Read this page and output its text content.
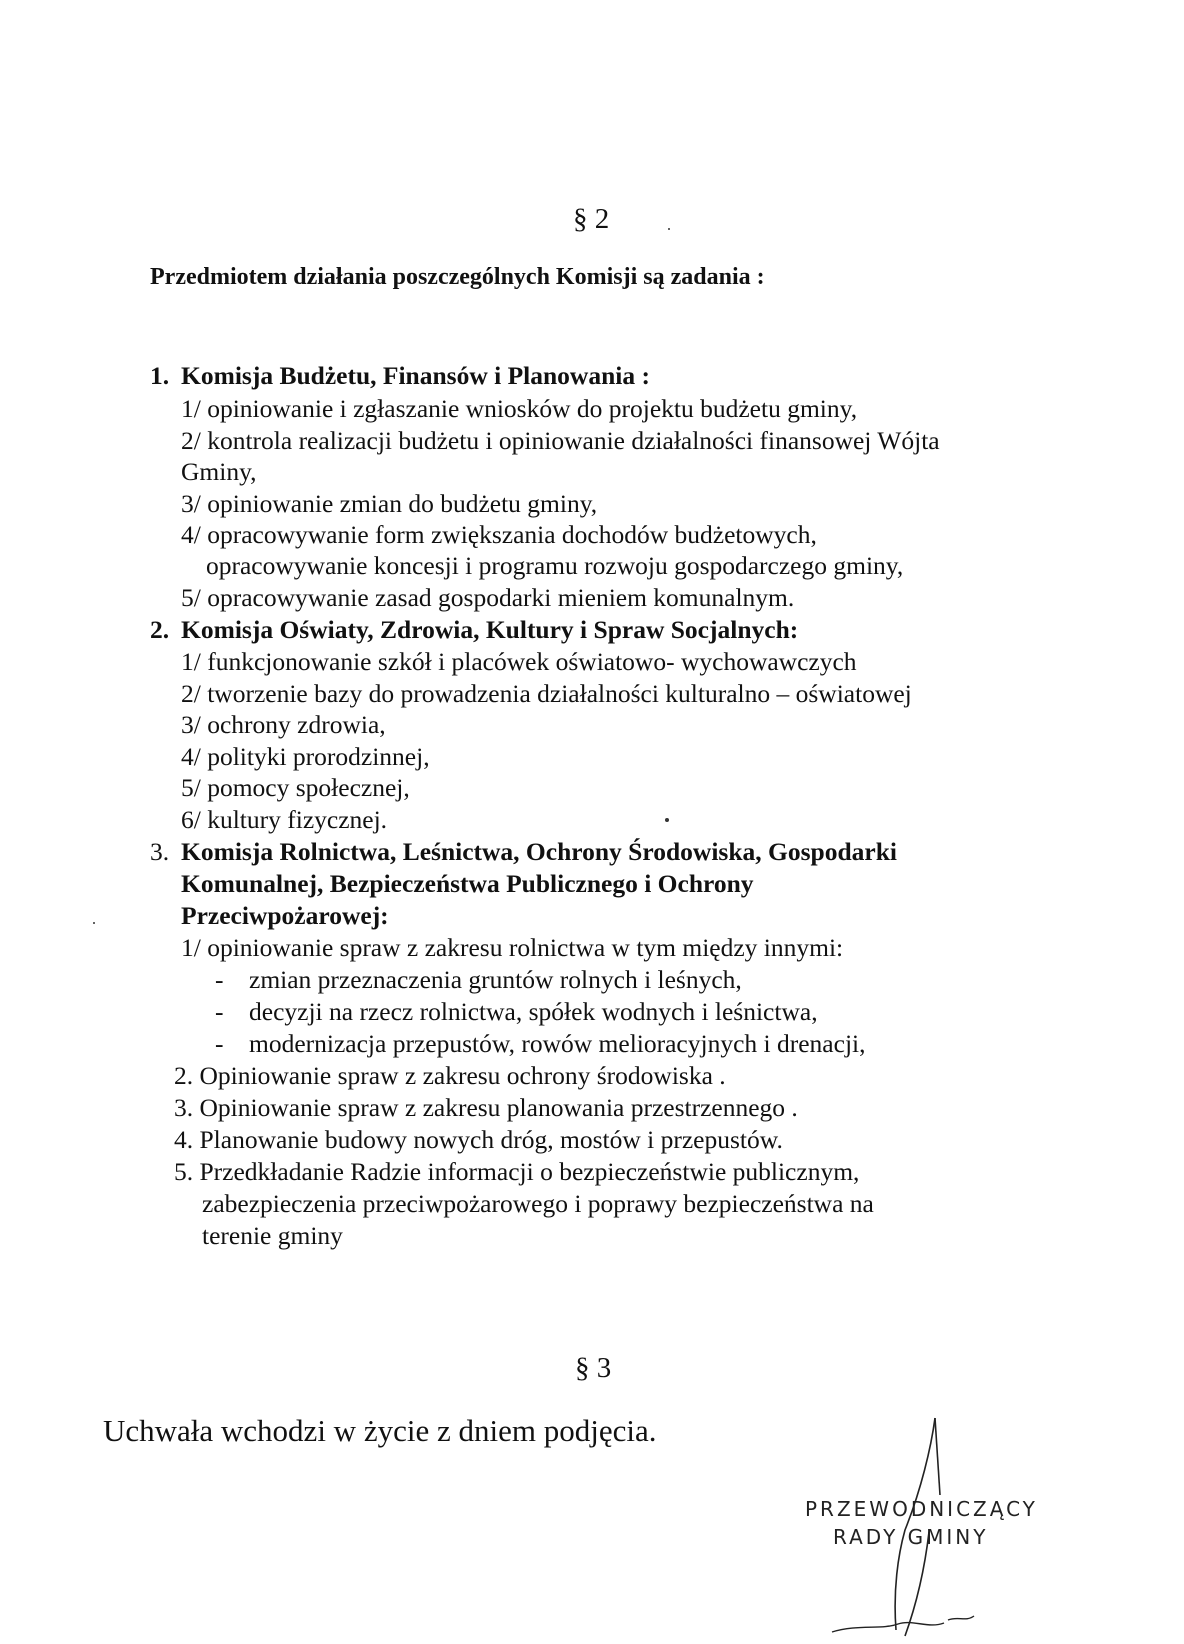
§ 2
Przedmiotem działania poszczególnych Komisji są zadania :
1. Komisja Budżetu, Finansów i Planowania :
1/ opiniowanie i zgłaszanie wniosków do projektu budżetu gminy,
2/ kontrola realizacji budżetu i opiniowanie działalności finansowej Wójta
Gminy,
3/ opiniowanie zmian do budżetu gminy,
4/ opracowywanie form zwiększania dochodów budżetowych,
opracowywanie koncesji i programu rozwoju gospodarczego gminy,
5/ opracowywanie zasad gospodarki mieniem komunalnym.
2. Komisja Oświaty, Zdrowia, Kultury i Spraw Socjalnych:
1/ funkcjonowanie szkół i placówek oświatowo- wychowawczych
2/ tworzenie bazy do prowadzenia działalności kulturalno – oświatowej
3/ ochrony zdrowia,
4/ polityki prorodzinnej,
5/ pomocy społecznej,
6/ kultury fizycznej.
3. Komisja Rolnictwa, Leśnictwa, Ochrony Środowiska, Gospodarki
Komunalnej, Bezpieczeństwa Publicznego i Ochrony
Przeciwpożarowej:
1/ opiniowanie spraw z zakresu rolnictwa w tym między innymi:
- zmian przeznaczenia gruntów rolnych i leśnych,
- decyzji na rzecz rolnictwa, spółek wodnych i leśnictwa,
- modernizacja przepustów, rowów melioracyjnych i drenacji,
2. Opiniowanie spraw z zakresu ochrony środowiska .
3. Opiniowanie spraw z zakresu planowania przestrzennego .
4. Planowanie budowy nowych dróg, mostów i przepustów.
5. Przedkładanie Radzie informacji o bezpieczeństwie publicznym,
zabezpieczenia przeciwpożarowego i poprawy bezpieczeństwa na
terenie gminy
§ 3
Uchwała wchodzi w życie z dniem podjęcia.
PRZEWODNICZĄCY
RADY GMINY
